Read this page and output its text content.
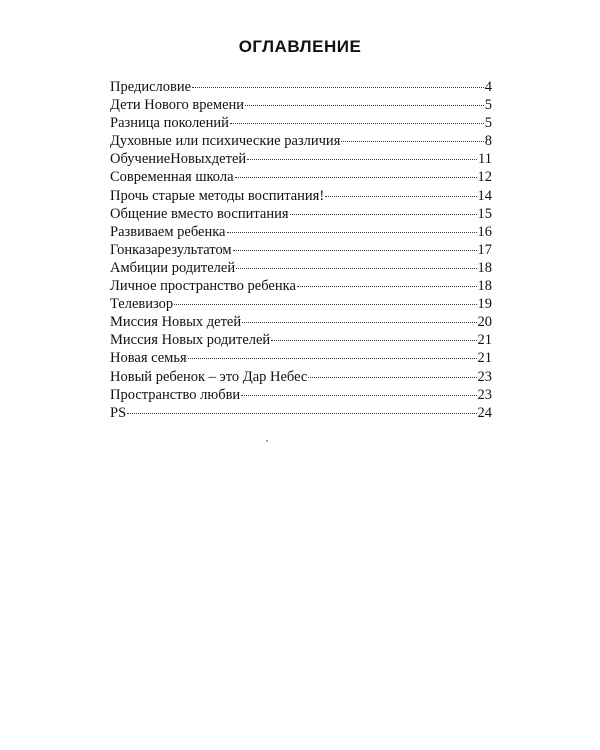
ОГЛАВЛЕНИЕ
Предисловие	4
Дети Нового времени	5
Разница поколений	5
Духовные или психические различия	8
ОбучениеНовыхдетей	11
Современная школа	12
Прочь старые методы воспитания!	14
Общение вместо воспитания	15
Развиваем ребенка	16
Гонказарезультатом	17
Амбиции родителей	18
Личное пространство ребенка	18
Телевизор	19
Миссия Новых детей	20
Миссия Новых родителей	21
Новая семья	21
Новый ребенок – это Дар Небес	23
Пространство любви	23
PS	24
